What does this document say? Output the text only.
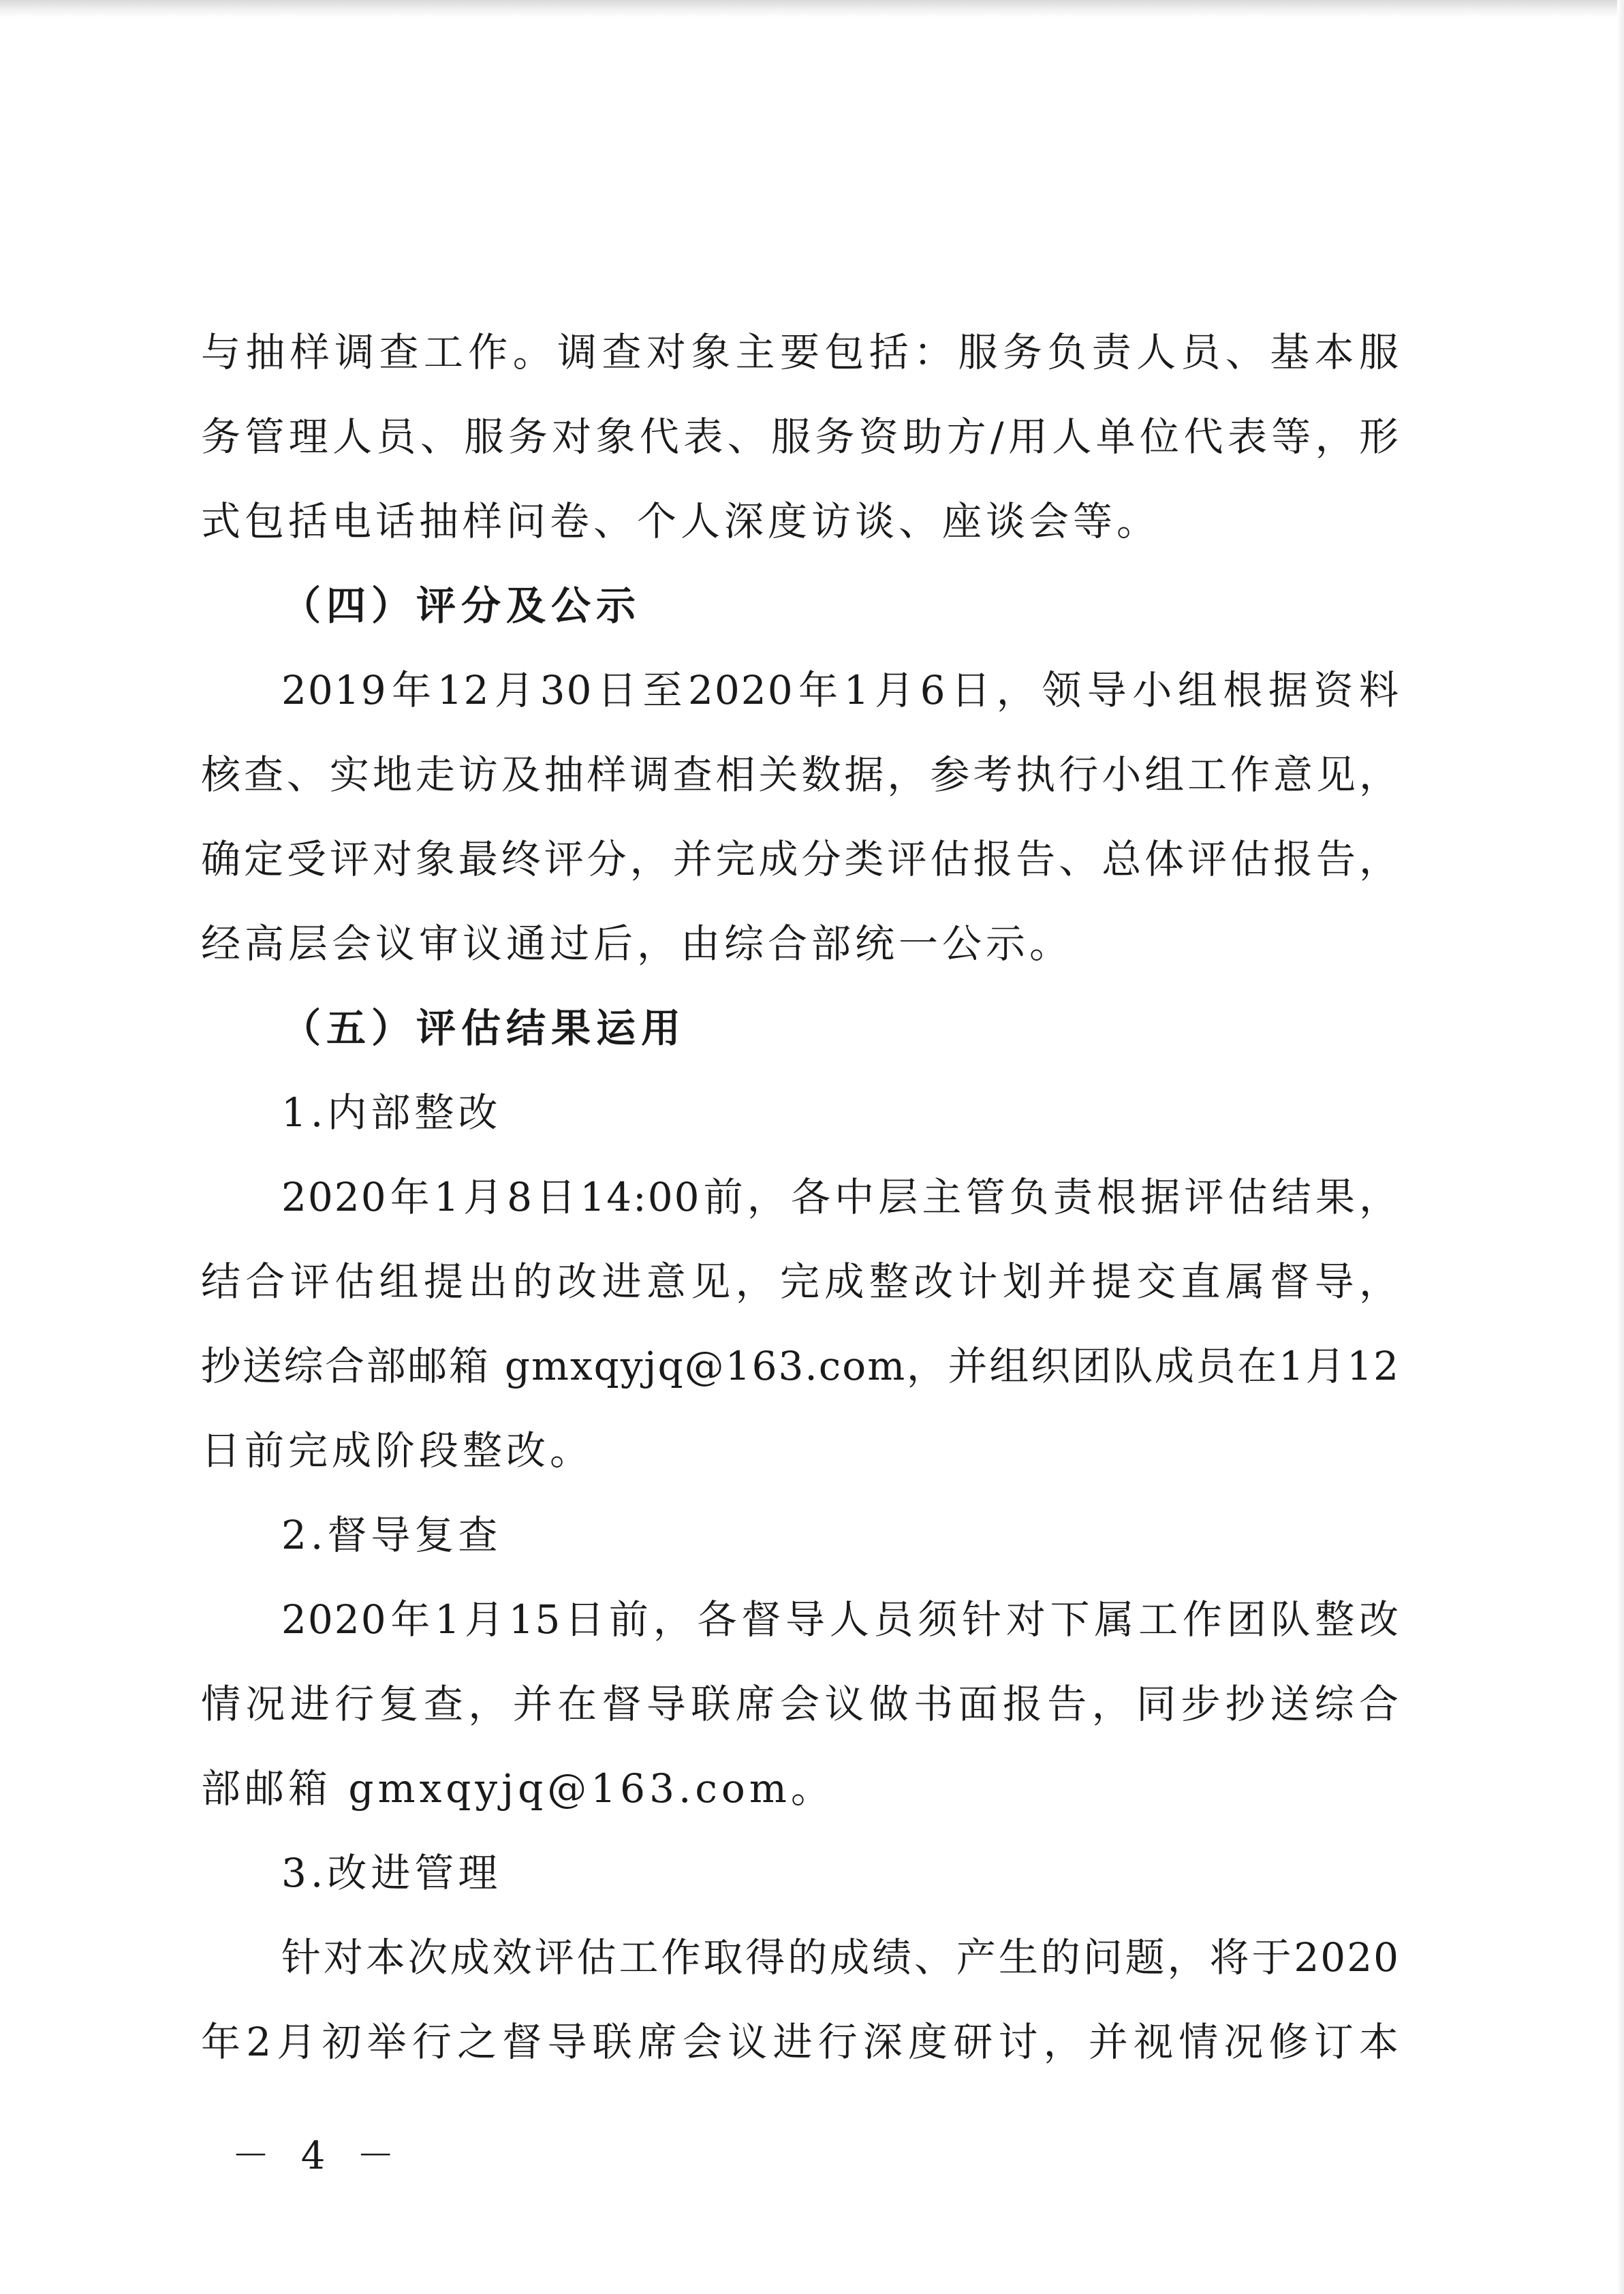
与抽样调查工作。调查对象主要包括：服务负责人员、基本服
务管理人员、服务对象代表、服务资助方/用人单位代表等，形
式包括电话抽样问卷、个人深度访谈、座谈会等。
（四）评分及公示
2019年12月30日至2020年1月6日，领导小组根据资料
核查、实地走访及抽样调查相关数据，参考执行小组工作意见，
确定受评对象最终评分，并完成分类评估报告、总体评估报告，
经高层会议审议通过后，由综合部统一公示。
（五）评估结果运用
1.内部整改
2020年1月8日14:00前，各中层主管负责根据评估结果，
结合评估组提出的改进意见，完成整改计划并提交直属督导，
抄送综合部邮箱 gmxqyjq@163.com，并组织团队成员在1月12
日前完成阶段整改。
2.督导复查
2020年1月15日前，各督导人员须针对下属工作团队整改
情况进行复查，并在督导联席会议做书面报告，同步抄送综合
部邮箱 gmxqyjq@163.com。
3.改进管理
针对本次成效评估工作取得的成绩、产生的问题，将于2020
年2月初举行之督导联席会议进行深度研讨，并视情况修订本
－ 4 －
